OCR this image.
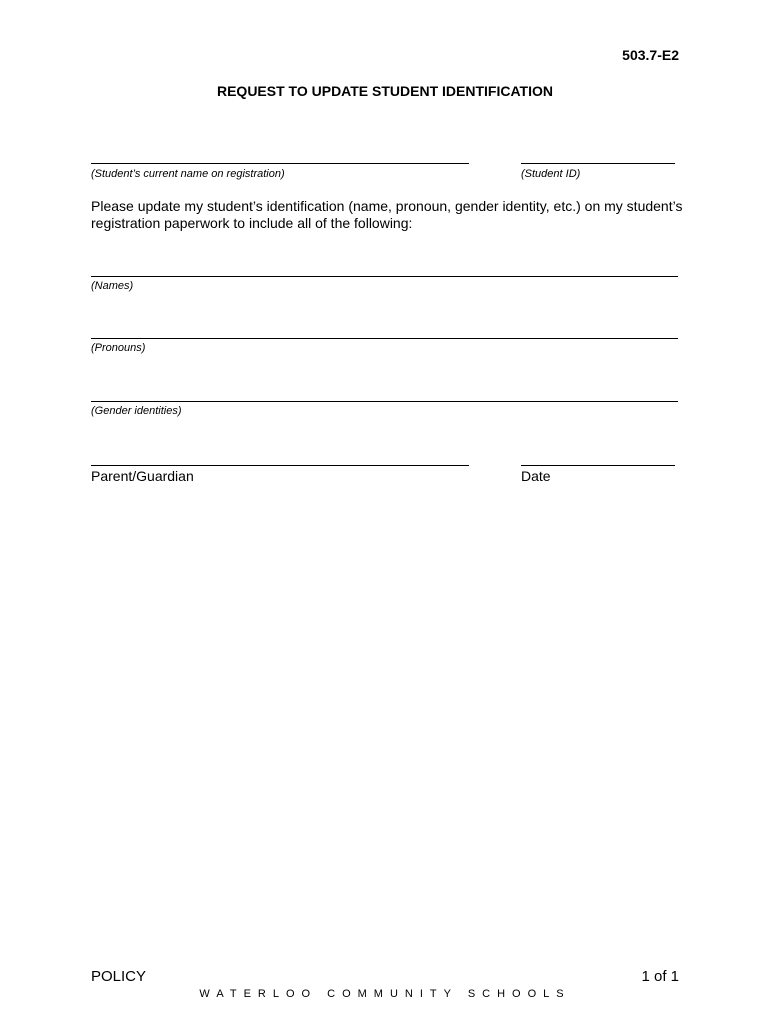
503.7-E2
REQUEST TO UPDATE STUDENT IDENTIFICATION
(Student’s current name on registration)	(Student ID)
Please update my student’s identification (name, pronoun, gender identity, etc.) on my student’s registration paperwork to include all of the following:
(Names)
(Pronouns)
(Gender identities)
Parent/Guardian	Date
POLICY	1 of 1
WATERLOO COMMUNITY SCHOOLS
